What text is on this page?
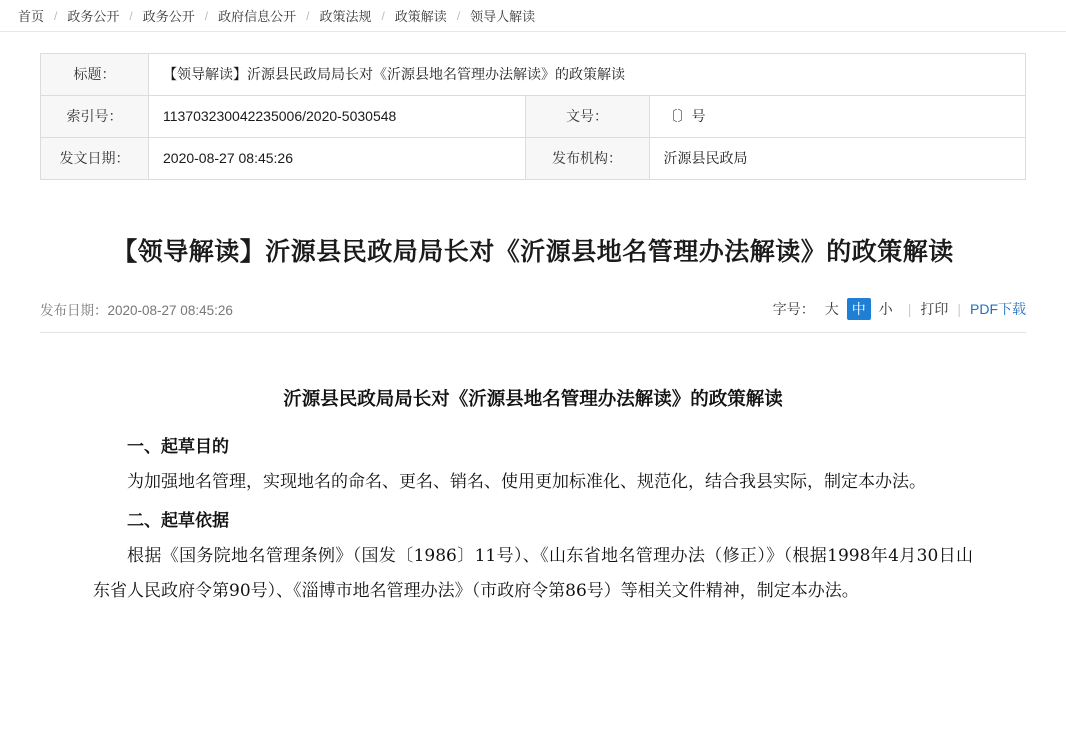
首页 / 政务公开 / 政务公开 / 政府信息公开 / 政策法规 / 政策解读 / 领导人解读
标题：	【领导解读】沂源县民政局局长对《沂源县地名管理办法解读》的政策解读		
索引号：	113703230042235006/2020-5030548	文号：	〔〕号
发文日期：	2020-08-27 08:45:26	发布机构：	沂源县民政局
【领导解读】沂源县民政局局长对《沂源县地名管理办法解读》的政策解读
发布日期：2020-08-27 08:45:26	字号： 大 中 小	| 打印 | PDF下载

沂源县民政局局长对《沂源县地名管理办法解读》的政策解读

一、起草目的

为加强地名管理，实现地名的命名、更名、销名、使用更加标准化、规范化，结合我县实际，制定本办法。

二、起草依据

根据《国务院地名管理条例》（国发〔1986〕11号）、《山东省地名管理办法（修正）》（根据1998年4月30日山东省人民政府令第90号）、《淄博市地名管理办法》（市政府令第86号）等相关文件精神，制定本办法。
